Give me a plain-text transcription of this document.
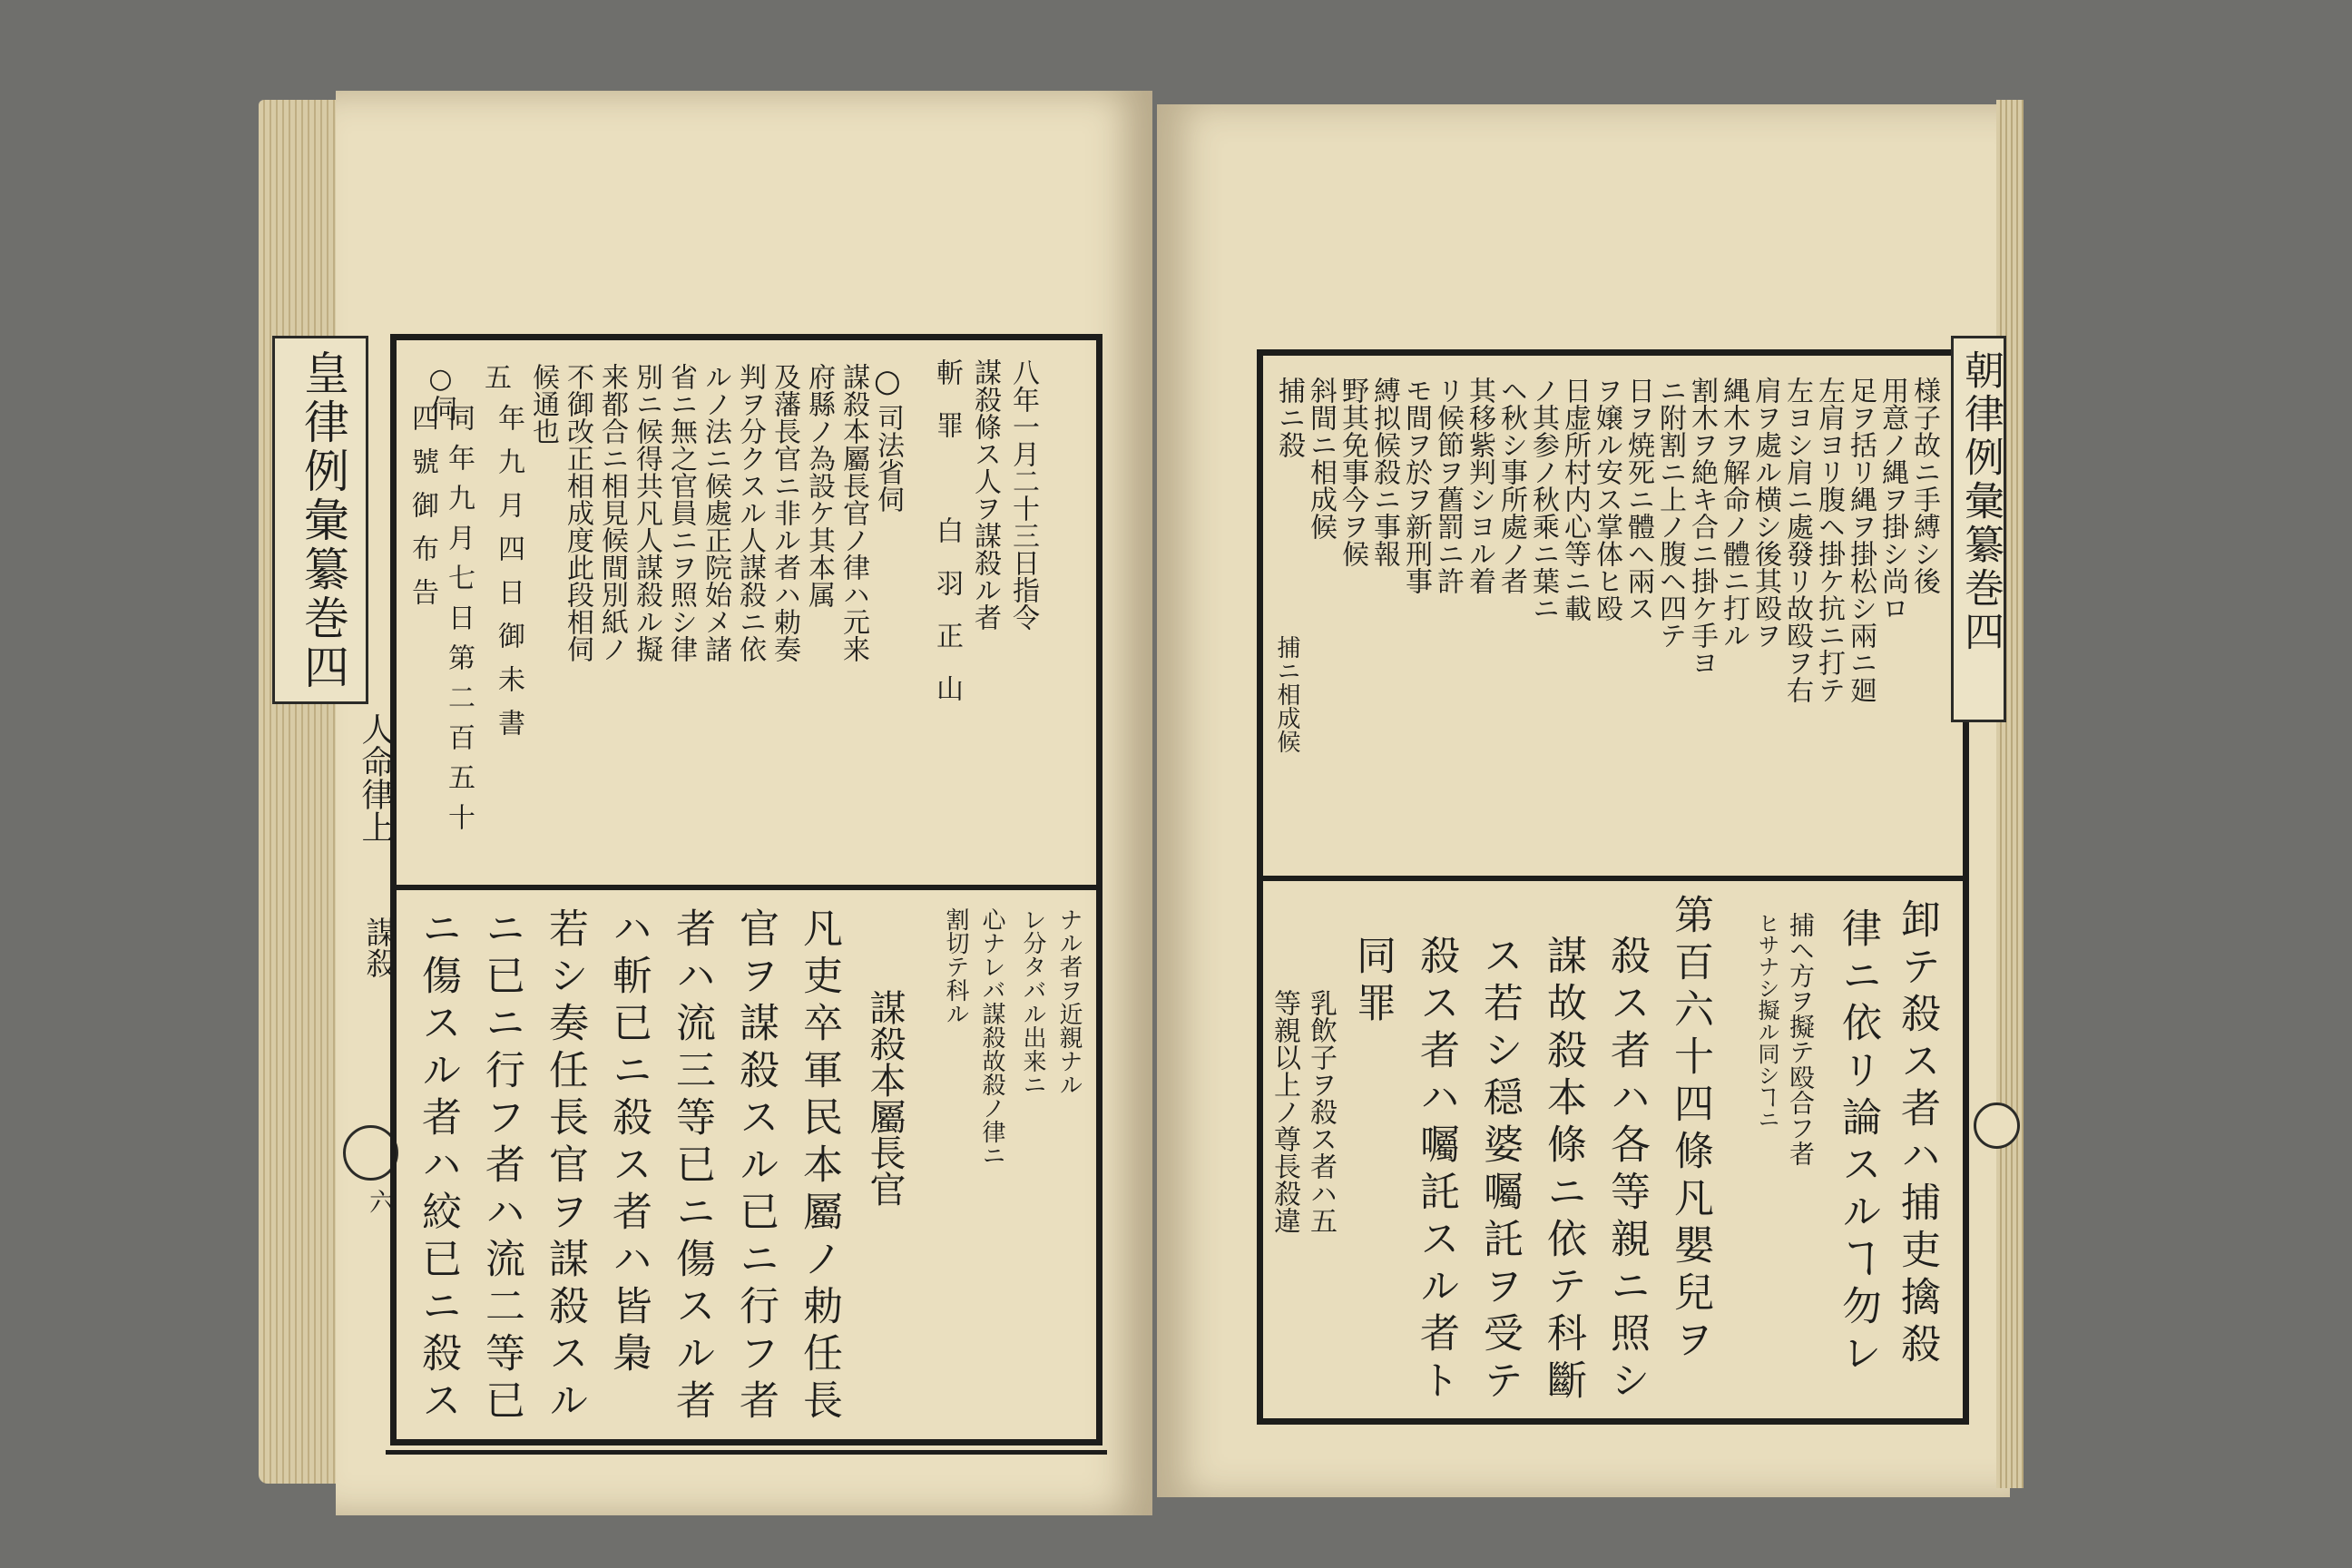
皇律例彙纂巻四
人命律上
謀殺
六
八年一月二十三日指令
謀殺條ス人ヲ謀殺ル者
斬罪　白羽正山
○
司法省伺
謀殺本屬長官ノ律ハ元来
府縣ノ為設ケ其本属
及藩長官ニ非ル者ハ勅奏
判ヲ分クスル人謀殺ニ依
ルノ法ニ候處正院始メ諸
省ニ無之官員ニヲ照シ律
別ニ候得共凡人謀殺ル擬
来都合ニ相見候間別紙ノ
不御改正相成度此段相伺
候通也
年九月四日御未書
五
同年九月七日第二百五十
四號御布告
○伺
ナル者ヲ近親ナル
レ分タバル出来ニ
心ナレバ謀殺故殺ノ律ニ
割切テ科ル
謀殺本屬長官
凡吏卒軍民本屬ノ勅任長
官ヲ謀殺スル已ニ行フ者
者ハ流三等已ニ傷スル者
ハ斬已ニ殺ス者ハ皆梟
若シ奏任長官ヲ謀殺スル
ニ已ニ行フ者ハ流二等已
ニ傷スル者ハ絞已ニ殺ス
朝律例彙纂巻四
様子故ニ手縛シ後
用意ノ縄ヲ掛シ尚ロ
足ヲ括リ縄ヲ掛松シ兩ニ廻
左肩ヨリ腹ヘ掛ケ抗ニ打テ
左ヨシ肩ニ處發リ故殴ヲ右
肩ヲ處ル横シ後其殴ヲ
縄木ヲ解命ノ體ニ打ル
割木ヲ絶キ合ニ掛ケ手ヨ
ニ附割ニ上ノ腹ヘ四テ
日ヲ焼死ニ體へ兩ス
ヲ嬢ル安ス掌体ヒ殴
日虚所村内心等ニ載
ノ其参ノ秋乘ニ葉ニ
ヘ秋シ事所處ノ者
其移紫判シヨル着
リ候節ヲ舊罰ニ許
モ間ヲ於ヲ新刑事
縛拟候殺ニ事報
野其免事今ヲ候
斜間ニ相成候
捕ニ殺
捕ニ相成候
卸テ殺ス者ハ捕吏擒殺
律ニ依リ論スルヿ勿レ
捕ヘ方ヲ擬テ殴合フ者
ヒサナシ擬ル同シヿニ
第百六十四條凡嬰兒ヲ
殺ス者ハ各等親ニ照シ
謀故殺本條ニ依テ科斷
ス若シ穏婆囑託ヲ受テ
殺ス者ハ囑託スル者ト
同罪
乳飲子ヲ殺ス者ハ五
等親以上ノ尊長殺違
